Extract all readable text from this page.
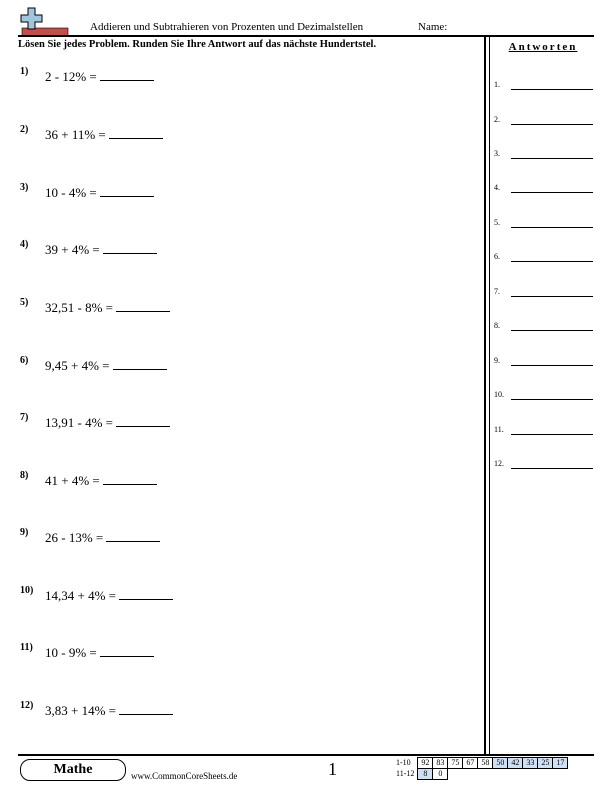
Addieren und Subtrahieren von Prozenten und Dezimalstellen	Name:
Lösen Sie jedes Problem. Runden Sie Ihre Antwort auf das nächste Hundertstel.
1) 2 - 12% =
2) 36 + 11% =
3) 10 - 4% =
4) 39 + 4% =
5) 32,51 - 8% =
6) 9,45 + 4% =
7) 13,91 - 4% =
8) 41 + 4% =
9) 26 - 13% =
10) 14,34 + 4% =
11) 10 - 9% =
12) 3,83 + 14% =
Antworten
1.
2.
3.
4.
5.
6.
7.
8.
9.
10.
11.
12.
Mathe	www.CommonCoreSheets.de	1	1-10	92	83	75	67	58	50	42	33	25	17
11-12	8	0								
